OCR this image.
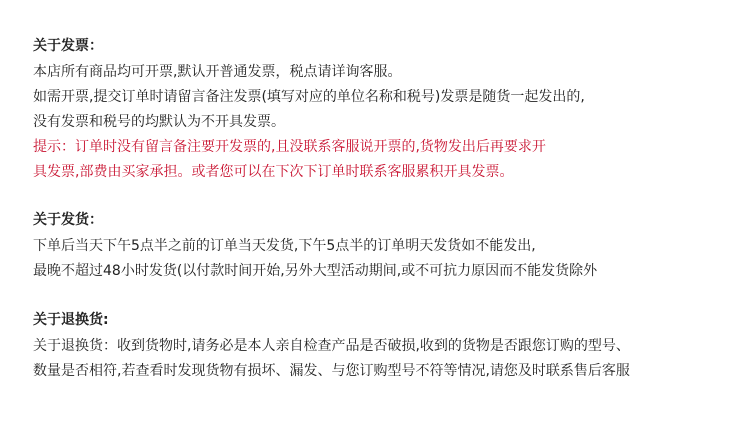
关于发票：
本店所有商品均可开票,默认开普通发票，税点请详询客服。
如需开票,提交订单时请留言备注发票(填写对应的单位名称和税号)发票是随货一起发出的,
没有发票和税号的均默认为不开具发票。
提示：订单时没有留言备注要开发票的,且没联系客服说开票的,货物发出后再要求开
具发票,部费由买家承担。或者您可以在下次下订单时联系客服累积开具发票。
关于发货：
下单后当天下午5点半之前的订单当天发货,下午5点半的订单明天发货如不能发出,
最晚不超过48小时发货(以付款时间开始,另外大型活动期间,或不可抗力原因而不能发货除外
关于退换货:
关于退换货：收到货物时,请务必是本人亲自检查产品是否破损,收到的货物是否跟您订购的型号、
数量是否相符,若查看时发现货物有损坏、漏发、与您订购型号不符等情况,请您及时联系售后客服
